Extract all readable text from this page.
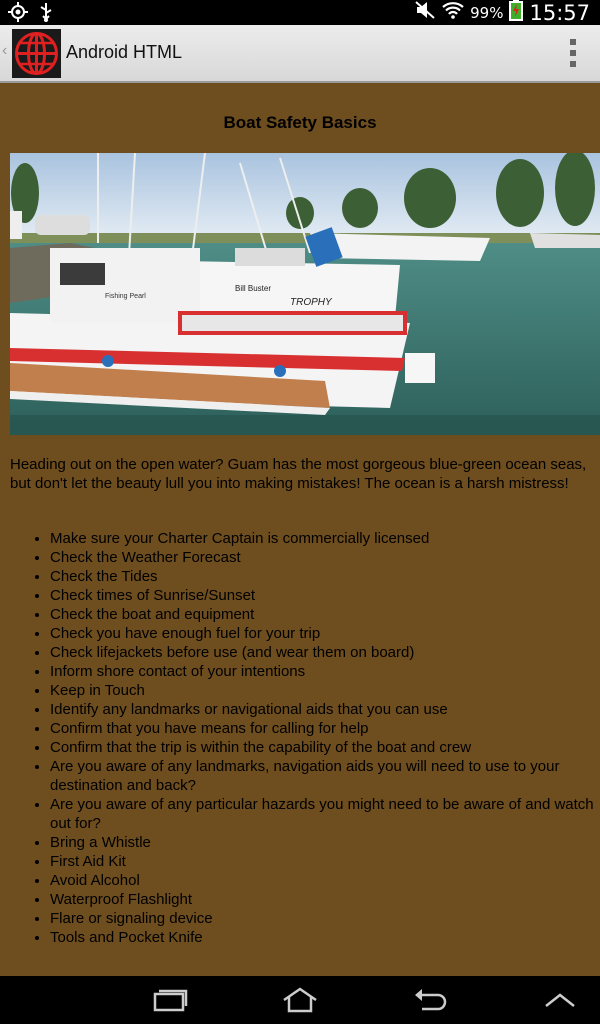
99% 15:57
‹	Android HTML
Boat Safety Basics
TROPHY
Bill Buster
Fishing Pearl

Heading out on the open water? Guam has the most gorgeous blue-green ocean seas, but don't let the beauty lull you into making mistakes! The ocean is a harsh mistress!

• Make sure your Charter Captain is commercially licensed
• Check the Weather Forecast
• Check the Tides
• Check times of Sunrise/Sunset
• Check the boat and equipment
• Check you have enough fuel for your trip
• Check lifejackets before use (and wear them on board)
• Inform shore contact of your intentions
• Keep in Touch
• Identify any landmarks or navigational aids that you can use
• Confirm that you have means for calling for help
• Confirm that the trip is within the capability of the boat and crew
• Are you aware of any landmarks, navigation aids you will need to use to your destination and back?
• Are you aware of any particular hazards you might need to be aware of and watch out for?
• Bring a Whistle
• First Aid Kit
• Avoid Alcohol
• Waterproof Flashlight
• Flare or signaling device
• Tools and Pocket Knife
